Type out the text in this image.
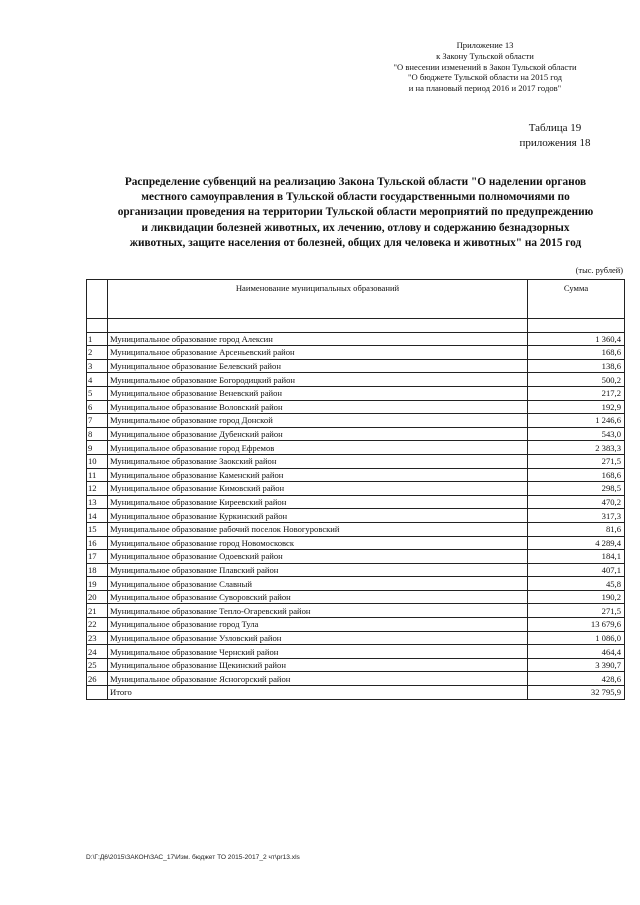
Приложение 13
к Закону Тульской области
"О внесении изменений в Закон Тульской области
"О бюджете Тульской области на 2015 год
и на плановый период 2016 и 2017 годов"
Таблица 19
приложения 18
Распределение субвенций на реализацию Закона Тульской области "О наделении органов
местного самоуправления в Тульской области государственными полномочиями по
организации проведения на территории Тульской области мероприятий по предупреждению
и ликвидации болезней животных, их лечению, отлову и содержанию безнадзорных
животных, защите населения от болезней, общих для человека и животных" на 2015 год
(тыс. рублей)
	Наименование муниципальных образований	Сумма

1	Муниципальное образование город Алексин	1 360,4
2	Муниципальное образование Арсеньевский район	168,6
3	Муниципальное образование Белевский район	138,6
4	Муниципальное образование Богородицкий район	500,2
5	Муниципальное образование Веневский район	217,2
6	Муниципальное образование Воловский район	192,9
7	Муниципальное образование город Донской	1 246,6
8	Муниципальное образование Дубенский район	543,0
9	Муниципальное образование город Ефремов	2 383,3
10	Муниципальное образование Заокский район	271,5
11	Муниципальное образование Каменский район	168,6
12	Муниципальное образование Кимовский район	298,5
13	Муниципальное образование Киреевский район	470,2
14	Муниципальное образование Куркинский район	317,3
15	Муниципальное образование рабочий поселок Новогуровский	81,6
16	Муниципальное образование город Новомосковск	4 289,4
17	Муниципальное образование Одоевский район	184,1
18	Муниципальное образование Плавский район	407,1
19	Муниципальное образование Славный	45,8
20	Муниципальное образование Суворовский район	190,2
21	Муниципальное образование Тепло-Огаревский район	271,5
22	Муниципальное образование город Тула	13 679,6
23	Муниципальное образование Узловский район	1 086,0
24	Муниципальное образование Чернский район	464,4
25	Муниципальное образование Щекинский район	3 390,7
26	Муниципальное образование Ясногорский район	428,6
	Итого	32 795,9
D:\Г:Д6\2015\ЗАКОН\ЗАС_17\Изм. бюджет ТО 2015-2017_2 чт\pr13.xls
